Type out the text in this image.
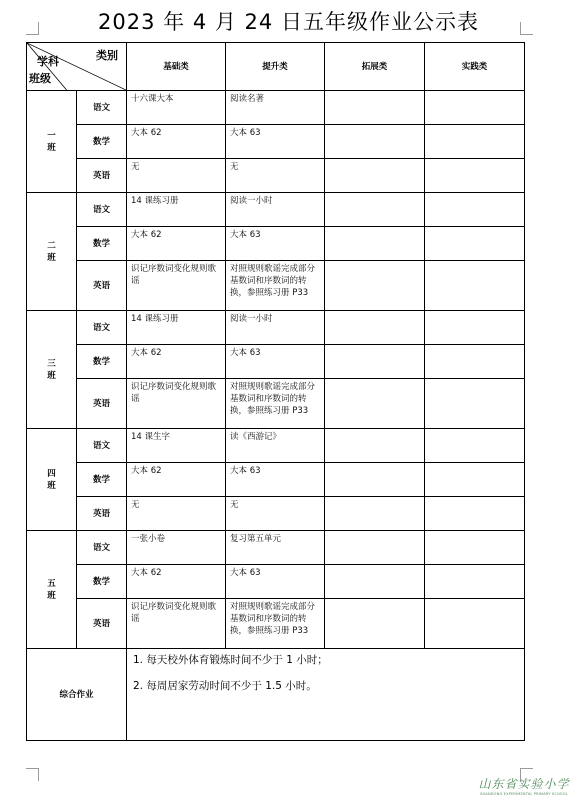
2023 年 4 月 24 日五年级作业公示表
类别
学科
班级		基础类	提升类	拓展类	实践类
一班	语文	十六课大本	阅读名著		
	数学	大本 62	大本 63		
	英语	无	无		
二班	语文	14 课练习册	阅读一小时		
	数学	大本 62	大本 63		
	英语	识记序数词变化规则歌谣	对照规则歌谣完成部分基数词和序数词的转换，参照练习册 P33		
三班	语文	14 课练习册	阅读一小时		
	数学	大本 62	大本 63		
	英语	识记序数词变化规则歌谣	对照规则歌谣完成部分基数词和序数词的转换，参照练习册 P33		
四班	语文	14 课生字	读《西游记》		
	数学	大本 62	大本 63		
	英语	无	无		
五班	语文	一张小卷	复习第五单元		
	数学	大本 62	大本 63		
	英语	识记序数词变化规则歌谣	对照规则歌谣完成部分基数词和序数词的转换，参照练习册 P33		
综合作业		1. 每天校外体育锻炼时间不少于 1 小时；

2. 每周居家劳动时间不少于 1.5 小时。			

山东省实验小学
SHANDONG EXPERIMENTAL PRIMARY SCHOOL
